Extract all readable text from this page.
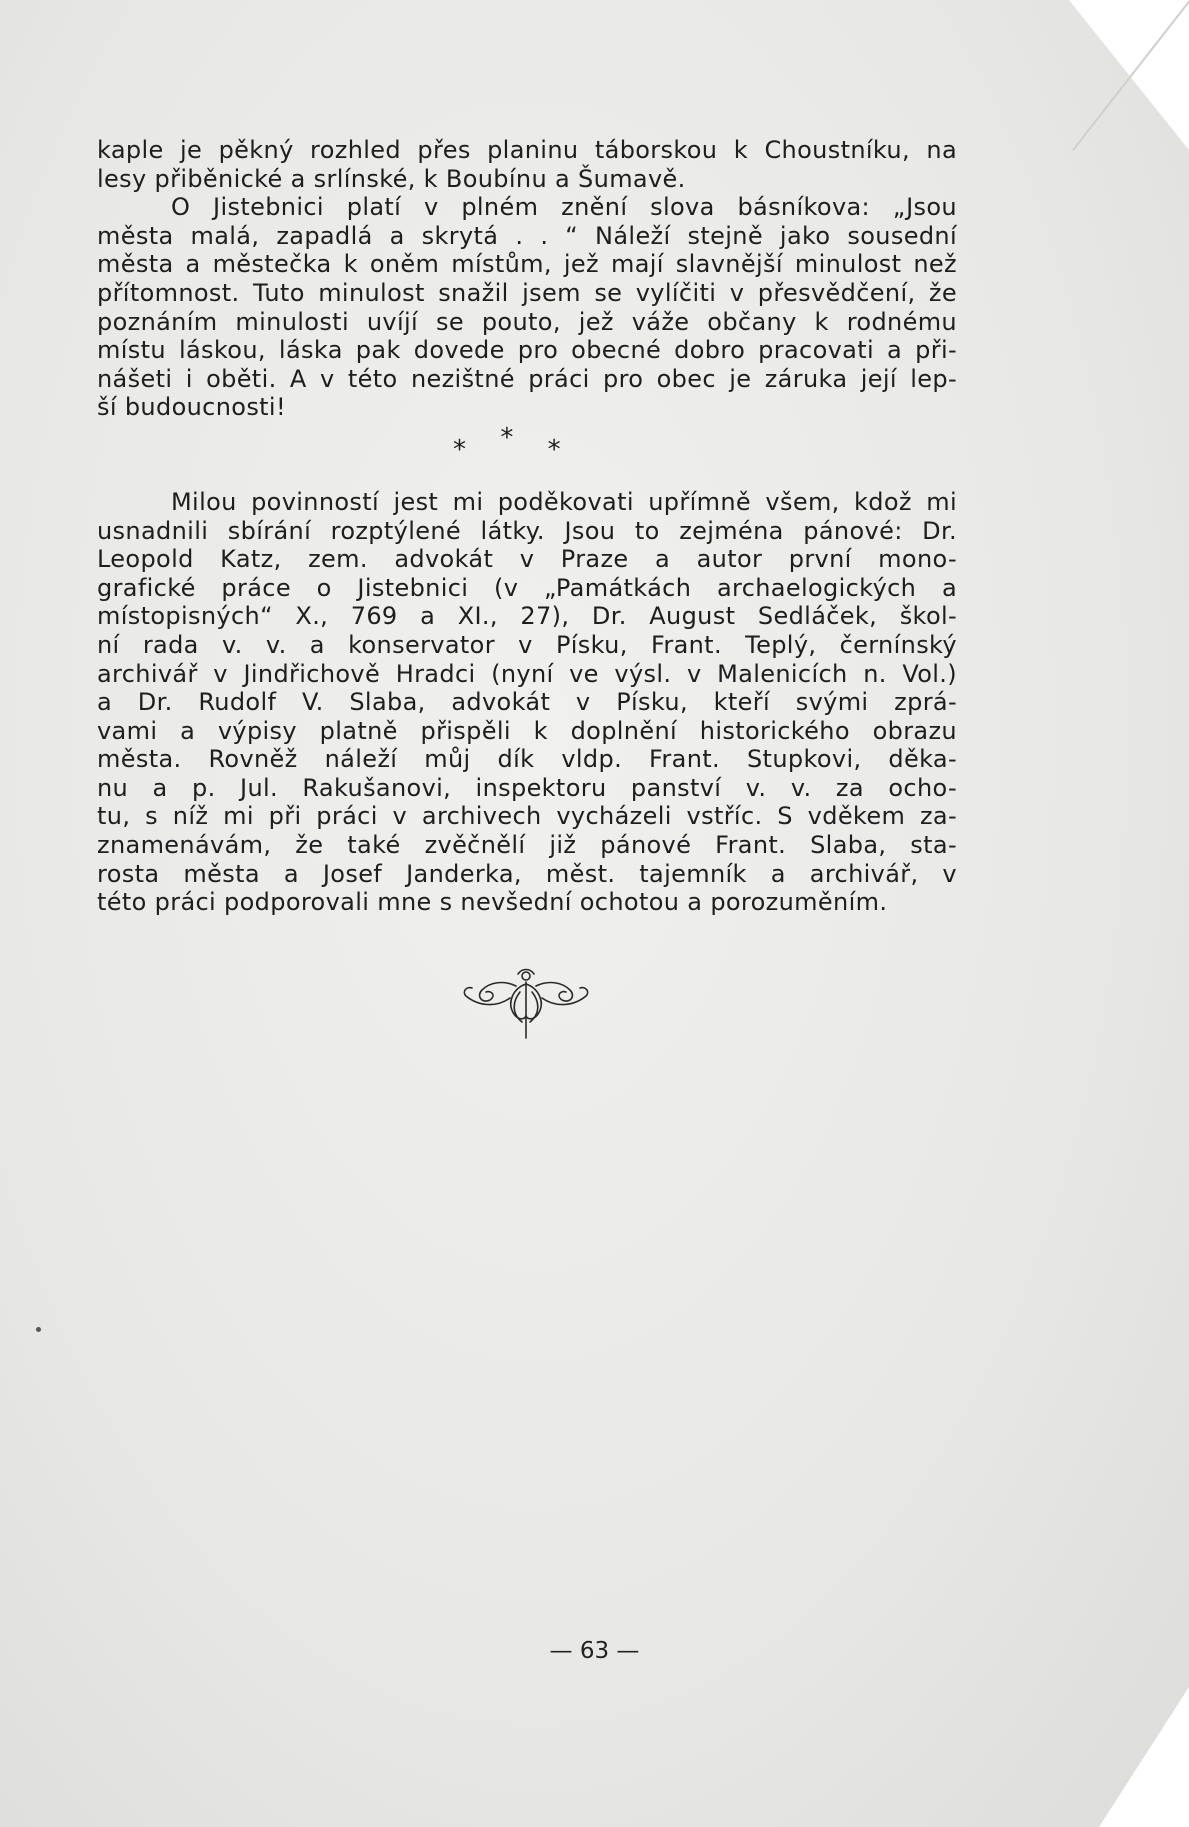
kaple je pěkný rozhled přes planinu táborskou k Choustníku, na
lesy přiběnické a srlínské, k Boubínu a Šumavě.
O Jistebnici platí v plném znění slova básníkova: „Jsou
města malá, zapadlá a skrytá . . “ Náleží stejně jako sousední
města a městečka k oněm místům, jež mají slavnější minulost než
přítomnost. Tuto minulost snažil jsem se vylíčiti v přesvědčení, že
poznáním minulosti uvíjí se pouto, jež váže občany k rodnému
místu láskou, láska pak dovede pro obecné dobro pracovati a při-
nášeti i oběti. A v této nezištné práci pro obec je záruka její lep-
ší budoucnosti!
* * *
Milou povinností jest mi poděkovati upřímně všem, kdož mi
usnadnili sbírání rozptýlené látky. Jsou to zejména pánové: Dr.
Leopold Katz, zem. advokát v Praze a autor první mono-
grafické práce o Jistebnici (v „Památkách archaelogických a
místopisných“ X., 769 a XI., 27), Dr. August Sedláček, škol-
ní rada v. v. a konservator v Písku, Frant. Teplý, černínský
archivář v Jindřichově Hradci (nyní ve výsl. v Malenicích n. Vol.)
a Dr. Rudolf V. Slaba, advokát v Písku, kteří svými zprá-
vami a výpisy platně přispěli k doplnění historického obrazu
města. Rovněž náleží můj dík vldp. Frant. Stupkovi, děka-
nu a p. Jul. Rakušanovi, inspektoru panství v. v. za ocho-
tu, s níž mi při práci v archivech vycházeli vstříc. S vděkem za-
znamenávám, že také zvěčnělí již pánové Frant. Slaba, sta-
rosta města a Josef Janderka, měst. tajemník a archivář, v
této práci podporovali mne s nevšední ochotou a porozuměním.
— 63 —
